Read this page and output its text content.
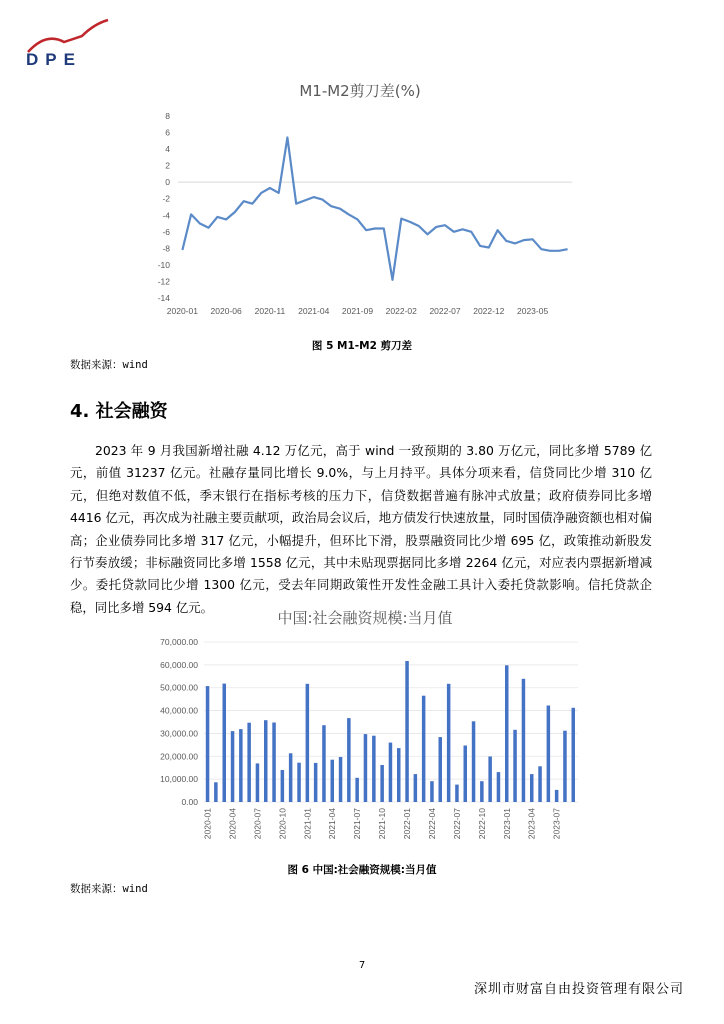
DPE
M1-M2剪刀差(%)
8
6
4
2
0
-2
-4
-6
-8
-10
-12
-14
2020-01 2020-06 2020-11 2021-04 2021-09 2022-02 2022-07 2022-12 2023-05
图 5 M1-M2 剪刀差
数据来源：wind
4. 社会融资

2023 年 9 月我国新增社融 4.12 万亿元，高于 wind 一致预期的 3.80 万亿元，同比多增 5789 亿元，前值 31237 亿元。社融存量同比增长 9.0%，与上月持平。具体分项来看，信贷同比少增 310 亿元，但绝对数值不低，季末银行在指标考核的压力下，信贷数据普遍有脉冲式放量；政府债券同比多增 4416 亿元，再次成为社融主要贡献项，政治局会议后，地方债发行快速放量，同时国债净融资额也相对偏高；企业债券同比多增 317 亿元，小幅提升，但环比下滑，股票融资同比少增 695 亿，政策推动新股发行节奏放缓；非标融资同比多增 1558 亿元，其中未贴现票据同比多增 2264 亿元，对应表内票据新增减少。委托贷款同比少增 1300 亿元，受去年同期政策性开发性金融工具计入委托贷款影响。信托贷款企稳，同比多增 594 亿元。

中国:社会融资规模:当月值
70,000.00
60,000.00
50,000.00
40,000.00
30,000.00
20,000.00
10,000.00
0.00
2020-01 2020-04 2020-07 2020-10 2021-01 2021-04 2021-07 2021-10 2022-01 2022-04 2022-07 2022-10 2023-01 2023-04 2023-07
图 6 中国:社会融资规模:当月值
数据来源：wind
7
深圳市财富自由投资管理有限公司
